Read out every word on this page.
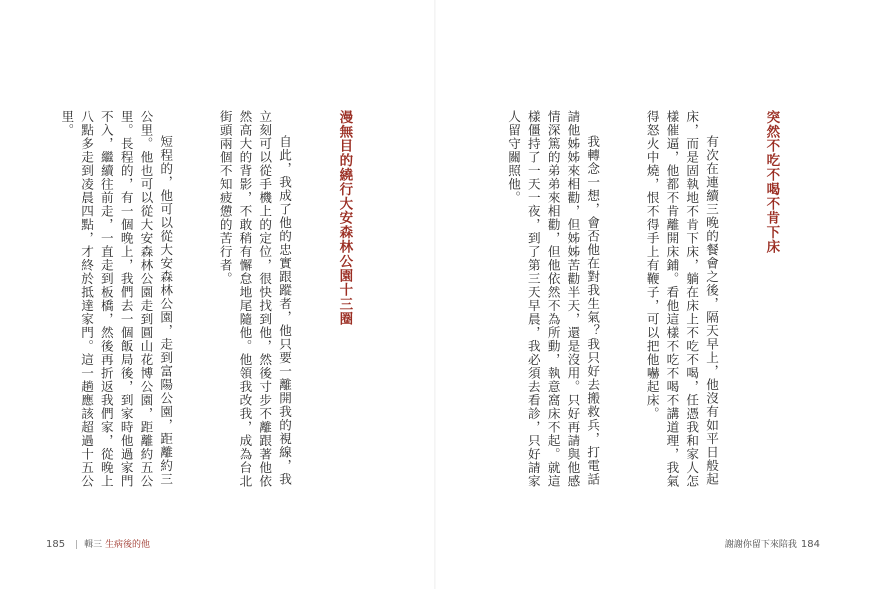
突然不吃不喝不肯下床

有次在連續三晚的餐會之後，隔天早上，他沒有如平日般起床，而是固執地不肯下床，躺在床上不吃不喝，任憑我和家人怎樣催逼，他都不肯離開床鋪。看他這樣不吃不喝不講道理，我氣得怒火中燒，恨不得手上有鞭子，可以把他嚇起床。

我轉念一想，會否他在對我生氣？我只好去搬救兵，打電話請他姊姊來相勸，但姊姊苦勸半天，還是沒用。只好再請與他感情深篤的弟弟來相勸，但他依然不為所動，執意窩床不起。就這樣僵持了一天一夜，到了第三天早晨，我必須去看診，只好請家人留守關照他。

漫無目的繞行大安森林公園十三圈

自此，我成了他的忠實跟蹤者，他只要一離開我的視線，我立刻可以從手機上的定位，很快找到他，然後寸步不離跟著他依然高大的背影，不敢稍有懈怠地尾隨他。他領我改我，成為台北街頭兩個不知疲憊的苦行者。

短程的，他可以從大安森林公園，走到富陽公園，距離約三公里。他也可以從大安森林公園走到圓山花博公園，距離約五公里。長程的，有一個晚上，我們去一個飯局後，到家時他過家門不入，繼續往前走，一直走到板橋，然後再折返我們家，從晚上八點多走到凌晨四點，才終於抵達家門。這一趟應該超過十五公里。

185 | 輯三 生病後的他	謝謝你留下來陪我 184
